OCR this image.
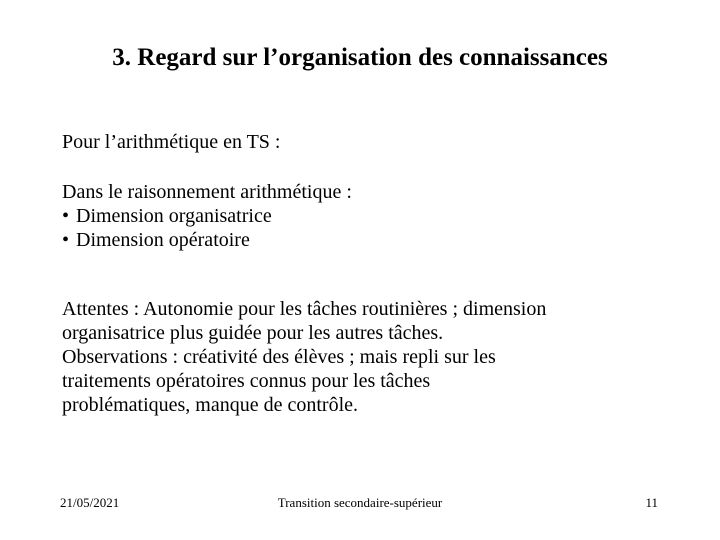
3. Regard sur l’organisation des connaissances
Pour l’arithmétique en TS :
Dans le raisonnement arithmétique :
• Dimension organisatrice
• Dimension opératoire
Attentes : Autonomie pour les tâches routinières ; dimension
organisatrice plus guidée pour les autres tâches.
Observations : créativité des élèves ; mais repli sur les
traitements opératoires connus pour les tâches
problématiques, manque de contrôle.
21/05/2021	Transition secondaire-supérieur	11
